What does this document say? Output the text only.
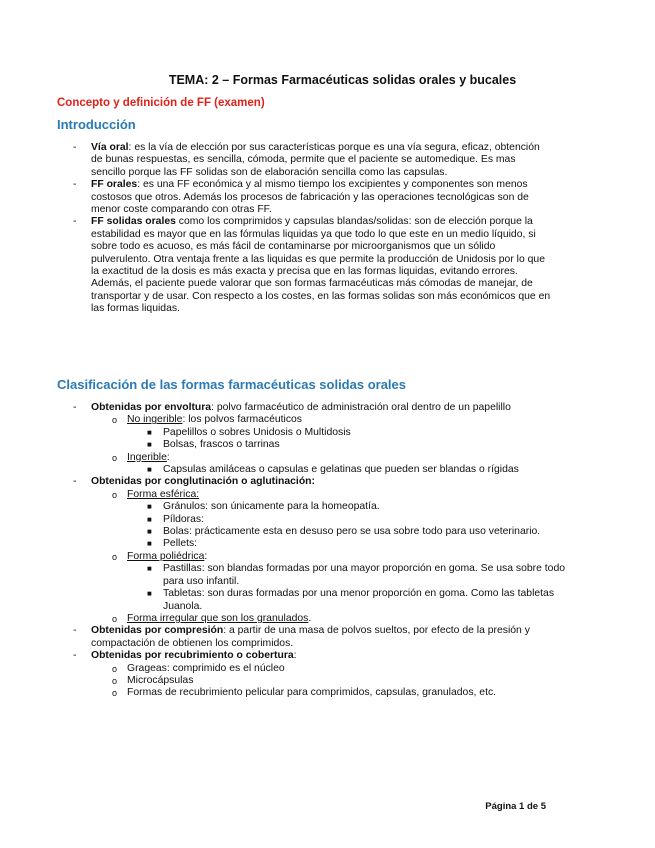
TEMA: 2 – Formas Farmacéuticas solidas orales y bucales
Concepto y definición de FF (examen)
Introducción
- Vía oral: es la vía de elección por sus características porque es una vía segura, eficaz, obtención de bunas respuestas, es sencilla, cómoda, permite que el paciente se automedique. Es mas sencillo porque las FF solidas son de elaboración sencilla como las capsulas.
- FF orales: es una FF económica y al mismo tiempo los excipientes y componentes son menos costosos que otros. Además los procesos de fabricación y las operaciones tecnológicas son de menor coste comparando con otras FF.
- FF solidas orales como los comprimidos y capsulas blandas/solidas: son de elección porque la estabilidad es mayor que en las fórmulas liquidas ya que todo lo que este en un medio líquido, si sobre todo es acuoso, es más fácil de contaminarse por microorganismos que un sólido pulverulento. Otra ventaja frente a las liquidas es que permite la producción de Unidosis por lo que la exactitud de la dosis es más exacta y precisa que en las formas liquidas, evitando errores. Además, el paciente puede valorar que son formas farmacéuticas más cómodas de manejar, de transportar y de usar. Con respecto a los costes, en las formas solidas son más económicos que en las formas liquidas.
Clasificación de las formas farmacéuticas solidas orales
- Obtenidas por envoltura: polvo farmacéutico de administración oral dentro de un papelillo
o No ingerible: los polvos farmacéuticos
■ Papelillos o sobres Unidosis o Multidosis
■ Bolsas, frascos o tarrinas
o Ingerible:
■ Capsulas amiláceas o capsulas e gelatinas que pueden ser blandas o rígidas
- Obtenidas por conglutinación o aglutinación:
o Forma esférica:
■ Gránulos: son únicamente para la homeopatía.
■ Píldoras:
■ Bolas: prácticamente esta en desuso pero se usa sobre todo para uso veterinario.
■ Pellets:
o Forma poliédrica:
■ Pastillas: son blandas formadas por una mayor proporción en goma. Se usa sobre todo para uso infantil.
■ Tabletas: son duras formadas por una menor proporción en goma. Como las tabletas Juanola.
o Forma irregular que son los granulados.
- Obtenidas por compresión: a partir de una masa de polvos sueltos, por efecto de la presión y compactación de obtienen los comprimidos.
- Obtenidas por recubrimiento o cobertura:
o Grageas: comprimido es el núcleo
o Microcápsulas
o Formas de recubrimiento pelicular para comprimidos, capsulas, granulados, etc.
Página 1 de 5
